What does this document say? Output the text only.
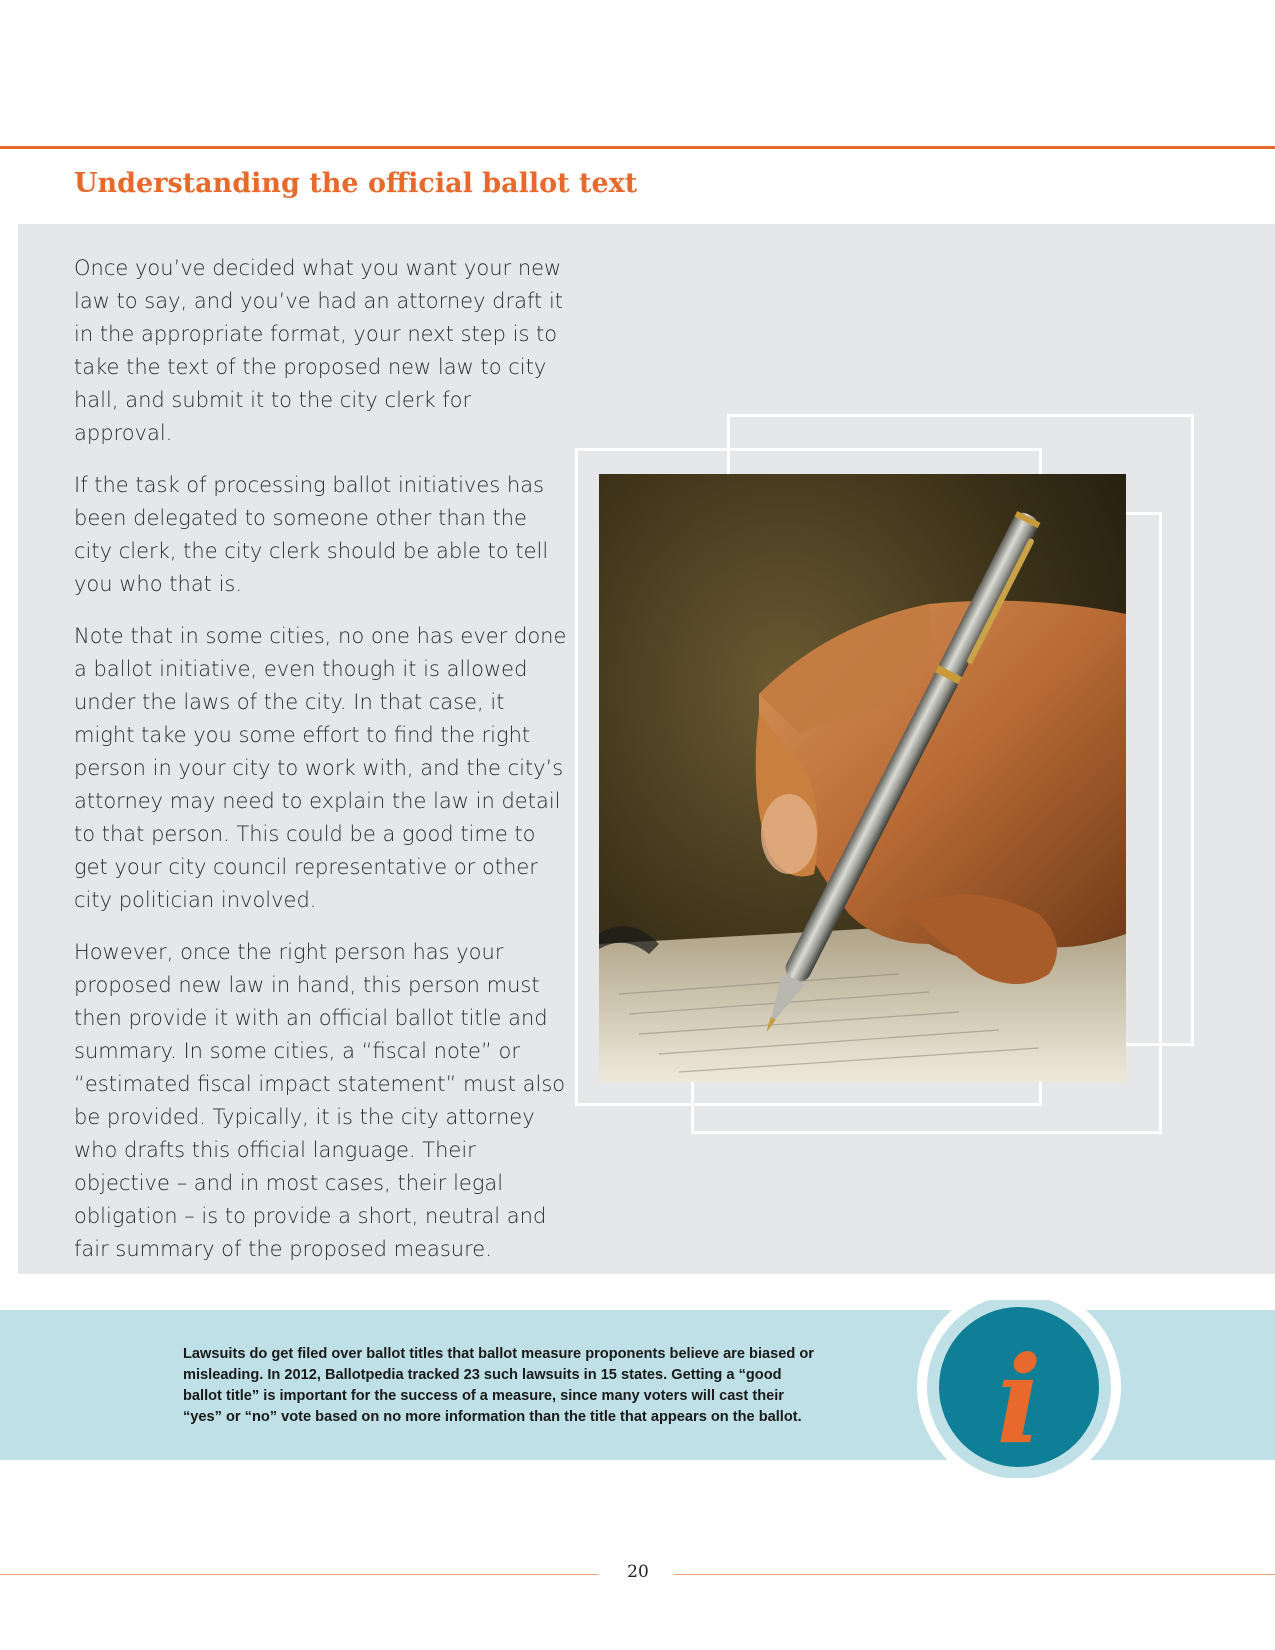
Understanding the official ballot text

Once you’ve decided what you want your new law to say, and you’ve had an attorney draft it in the appropriate format, your next step is to take the text of the proposed new law to city hall, and submit it to the city clerk for approval.

If the task of processing ballot initiatives has been delegated to someone other than the city clerk, the city clerk should be able to tell you who that is.

Note that in some cities, no one has ever done a ballot initiative, even though it is allowed under the laws of the city. In that case, it might take you some effort to find the right person in your city to work with, and the city’s attorney may need to explain the law in detail to that person. This could be a good time to get your city council representative or other city politician involved.

However, once the right person has your proposed new law in hand, this person must then provide it with an official ballot title and summary. In some cities, a “fiscal note” or “estimated fiscal impact statement” must also be provided. Typically, it is the city attorney who drafts this official language. Their objective – and in most cases, their legal obligation – is to provide a short, neutral and fair summary of the proposed measure.

Lawsuits do get filed over ballot titles that ballot measure proponents believe are biased or misleading. In 2012, Ballotpedia tracked 23 such lawsuits in 15 states. Getting a “good ballot title” is important for the success of a measure, since many voters will cast their “yes” or “no” vote based on no more information than the title that appears on the ballot. i
20
